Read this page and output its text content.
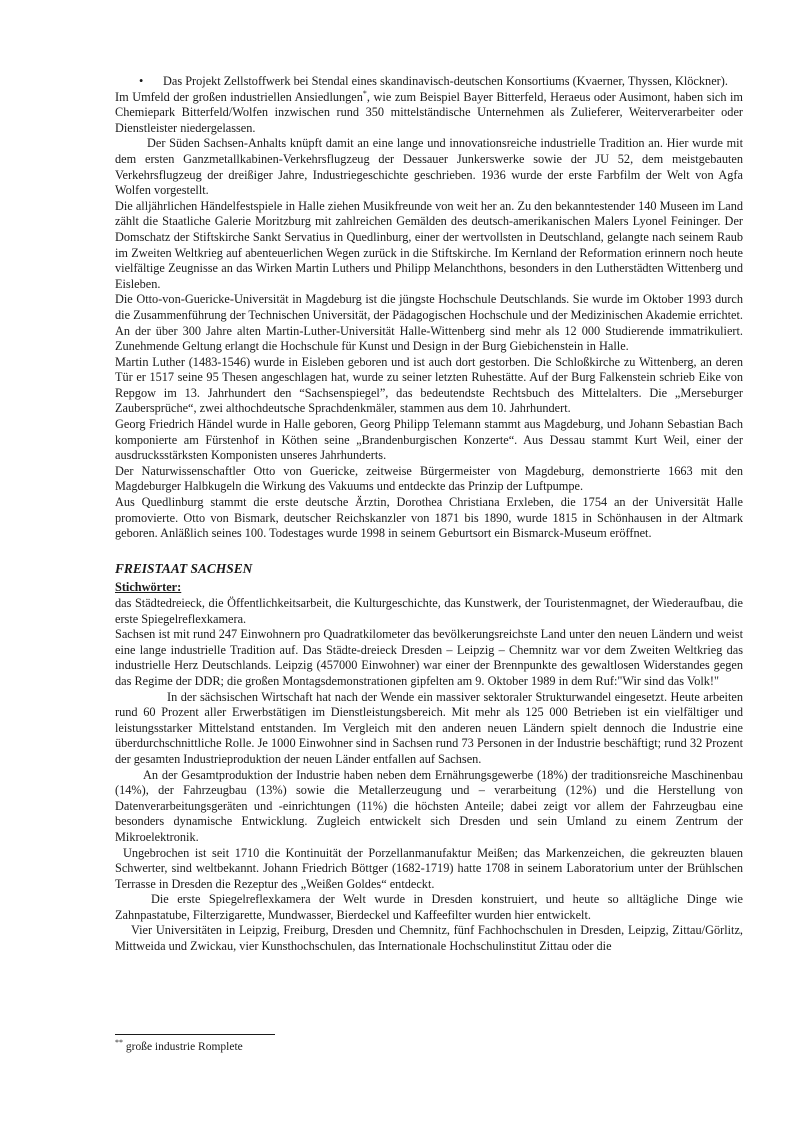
• Das Projekt Zellstoffwerk bei Stendal eines skandinavisch-deutschen Konsortiums (Kvaerner, Thyssen, Klöckner).

Im Umfeld der großen industriellen Ansiedlungen*, wie zum Beispiel Bayer Bitterfeld, Heraeus oder Ausimont, haben sich im Chemiepark Bitterfeld/Wolfen inzwischen rund 350 mittelständische Unternehmen als Zulieferer, Weiterverarbeiter oder Dienstleister niedergelassen.

Der Süden Sachsen-Anhalts knüpft damit an eine lange und innovationsreiche industrielle Tradition an. Hier wurde mit dem ersten Ganzmetallkabinen-Verkehrsflugzeug der Dessauer Junkerswerke sowie der JU 52, dem meistgebauten Verkehrsflugzeug der dreißiger Jahre, Industriegeschichte geschrieben. 1936 wurde der erste Farbfilm der Welt von Agfa Wolfen vorgestellt.

Die alljährlichen Händelfestspiele in Halle ziehen Musikfreunde von weit her an. Zu den bekanntestender 140 Museen im Land zählt die Staatliche Galerie Moritzburg mit zahlreichen Gemälden des deutsch-amerikanischen Malers Lyonel Feininger. Der Domschatz der Stiftskirche Sankt Servatius in Quedlinburg, einer der wertvollsten in Deutschland, gelangte nach seinem Raub im Zweiten Weltkrieg auf abenteuerlichen Wegen zurück in die Stiftskirche. Im Kernland der Reformation erinnern noch heute vielfältige Zeugnisse an das Wirken Martin Luthers und Philipp Melanchthons, besonders in den Lutherstädten Wittenberg und Eisleben.

Die Otto-von-Guericke-Universität in Magdeburg ist die jüngste Hochschule Deutschlands. Sie wurde im Oktober 1993 durch die Zusammenführung der Technischen Universität, der Pädagogischen Hochschule und der Medizinischen Akademie errichtet. An der über 300 Jahre alten Martin-Luther-Universität Halle-Wittenberg sind mehr als 12 000 Studierende immatrikuliert. Zunehmende Geltung erlangt die Hochschule für Kunst und Design in der Burg Giebichenstein in Halle.

Martin Luther (1483-1546) wurde in Eisleben geboren und ist auch dort gestorben. Die Schloßkirche zu Wittenberg, an deren Tür er 1517 seine 95 Thesen angeschlagen hat, wurde zu seiner letzten Ruhestätte. Auf der Burg Falkenstein schrieb Eike von Repgow im 13. Jahrhundert den “Sachsenspiegel”, das bedeutendste Rechtsbuch des Mittelalters. Die „Merseburger Zaubersprüche“, zwei althochdeutsche Sprachdenkmäler, stammen aus dem 10. Jahrhundert.

Georg Friedrich Händel wurde in Halle geboren, Georg Philipp Telemann stammt aus Magdeburg, und Johann Sebastian Bach komponierte am Fürstenhof in Köthen seine „Brandenburgischen Konzerte“. Aus Dessau stammt Kurt Weil, einer der ausdrucksstärksten Komponisten unseres Jahrhunderts.

Der Naturwissenschaftler Otto von Guericke, zeitweise Bürgermeister von Magdeburg, demonstrierte 1663 mit den Magdeburger Halbkugeln die Wirkung des Vakuums und entdeckte das Prinzip der Luftpumpe.

Aus Quedlinburg stammt die erste deutsche Ärztin, Dorothea Christiana Erxleben, die 1754 an der Universität Halle promovierte. Otto von Bismark, deutscher Reichskanzler von 1871 bis 1890, wurde 1815 in Schönhausen in der Altmark geboren. Anläßlich seines 100. Todestages wurde 1998 in seinem Geburtsort ein Bismarck-Museum eröffnet.

FREISTAAT SACHSEN

Stichwörter:

das Städtedreieck, die Öffentlichkeitsarbeit, die Kulturgeschichte, das Kunstwerk, der Touristenmagnet, der Wiederaufbau, die erste Spiegelreflexkamera.

Sachsen ist mit rund 247 Einwohnern pro Quadratkilometer das bevölkerungsreichste Land unter den neuen Ländern und weist eine lange industrielle Tradition auf. Das Städte-dreieck Dresden – Leipzig – Chemnitz war vor dem Zweiten Weltkrieg das industrielle Herz Deutschlands. Leipzig (457000 Einwohner) war einer der Brennpunkte des gewaltlosen Widerstandes gegen das Regime der DDR; die großen Montagsdemonstrationen gipfelten am 9. Oktober 1989 in dem Ruf:"Wir sind das Volk!"

In der sächsischen Wirtschaft hat nach der Wende ein massiver sektoraler Strukturwandel eingesetzt. Heute arbeiten rund 60 Prozent aller Erwerbstätigen im Dienstleistungsbereich. Mit mehr als 125 000 Betrieben ist ein vielfältiger und leistungsstarker Mittelstand entstanden. Im Vergleich mit den anderen neuen Ländern spielt dennoch die Industrie eine überdurchschnittliche Rolle. Je 1000 Einwohner sind in Sachsen rund 73 Personen in der Industrie beschäftigt; rund 32 Prozent der gesamten Industrieproduktion der neuen Länder entfallen auf Sachsen.

An der Gesamtproduktion der Industrie haben neben dem Ernährungsgewerbe (18%) der traditionsreiche Maschinenbau (14%), der Fahrzeugbau (13%) sowie die Metallerzeugung und – verarbeitung (12%) und die Herstellung von Datenverarbeitungsgeräten und -einrichtungen (11%) die höchsten Anteile; dabei zeigt vor allem der Fahrzeugbau eine besonders dynamische Entwicklung. Zugleich entwickelt sich Dresden und sein Umland zu einem Zentrum der Mikroelektronik.

Ungebrochen ist seit 1710 die Kontinuität der Porzellanmanufaktur Meißen; das Markenzeichen, die gekreuzten blauen Schwerter, sind weltbekannt. Johann Friedrich Böttger (1682-1719) hatte 1708 in seinem Laboratorium unter der Brühlschen Terrasse in Dresden die Rezeptur des „Weißen Goldes“ entdeckt.

Die erste Spiegelreflexkamera der Welt wurde in Dresden konstruiert, und heute so alltägliche Dinge wie Zahnpastatube, Filterzigarette, Mundwasser, Bierdeckel und Kaffeefilter wurden hier entwickelt.

Vier Universitäten in Leipzig, Freiburg, Dresden und Chemnitz, fünf Fachhochschulen in Dresden, Leipzig, Zittau/Görlitz, Mittweida und Zwickau, vier Kunsthochschulen, das Internationale Hochschulinstitut Zittau oder die

** große industrie Romplete
